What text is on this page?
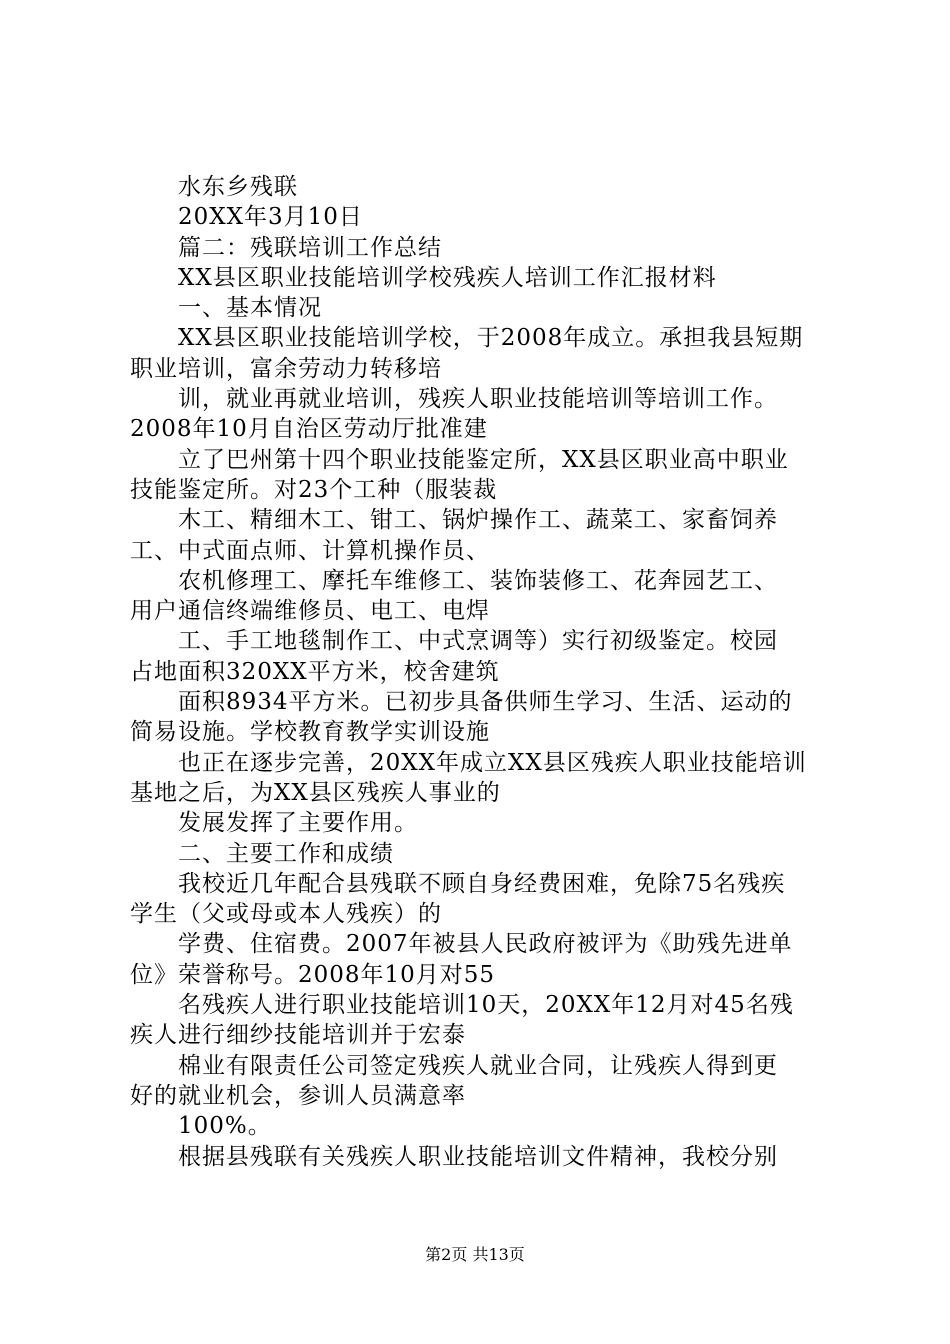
水东乡残联
20XX年3月10日
篇二：残联培训工作总结
XX县区职业技能培训学校残疾人培训工作汇报材料
一、基本情况
XX县区职业技能培训学校，于2008年成立。承担我县短期
职业培训，富余劳动力转移培
训，就业再就业培训，残疾人职业技能培训等培训工作。
2008年10月自治区劳动厅批准建
立了巴州第十四个职业技能鉴定所，XX县区职业高中职业
技能鉴定所。对23个工种（服装裁
木工、精细木工、钳工、锅炉操作工、蔬菜工、家畜饲养
工、中式面点师、计算机操作员、
农机修理工、摩托车维修工、装饰装修工、花奔园艺工、
用户通信终端维修员、电工、电焊
工、手工地毯制作工、中式烹调等）实行初级鉴定。校园
占地面积320XX平方米，校舍建筑
面积8934平方米。已初步具备供师生学习、生活、运动的
简易设施。学校教育教学实训设施
也正在逐步完善，20XX年成立XX县区残疾人职业技能培训
基地之后，为XX县区残疾人事业的
发展发挥了主要作用。
二、主要工作和成绩
我校近几年配合县残联不顾自身经费困难，免除75名残疾
学生（父或母或本人残疾）的
学费、住宿费。2007年被县人民政府被评为《助残先进单
位》荣誉称号。2008年10月对55
名残疾人进行职业技能培训10天，20XX年12月对45名残
疾人进行细纱技能培训并于宏泰
棉业有限责任公司签定残疾人就业合同，让残疾人得到更
好的就业机会，参训人员满意率
100%。
根据县残联有关残疾人职业技能培训文件精神，我校分别
第2页 共13页
